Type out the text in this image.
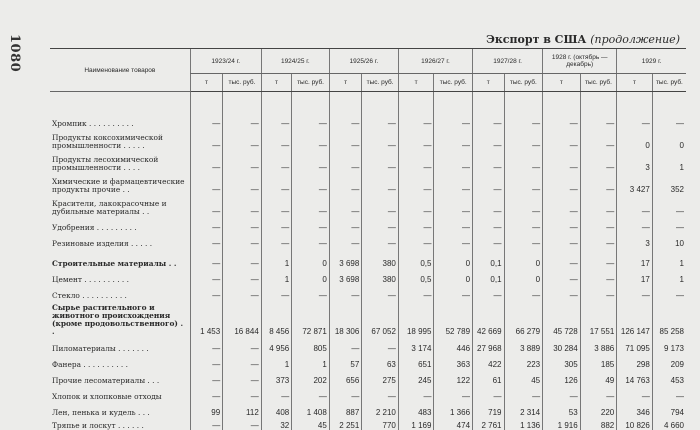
1080	Экспорт в США (продолжение)
Наименование товаров	1923/24 г.		1924/25 г.		1925/26 г.		1926/27 г.		1927/28 г.		1928 г. (октябрь — декабрь)		1929 г.	
	т	тыс. руб.	т	тыс. руб.	т	тыс. руб.	т	тыс. руб.	т	тыс. руб.	т	тыс. руб.	т	тыс. руб.

Хромпик . . . . . . . . . .	—	—	—	—	—	—	—	—	—	—	—	—	—	—
Продукты коксохимической промышленности . . . . .	—	—	—	—	—	—	—	—	—	—	—	—	0	0
Продукты лесохимической промышленности . . . .	—	—	—	—	—	—	—	—	—	—	—	—	3	1
Химические и фармацевтические продукты прочие . .	—	—	—	—	—	—	—	—	—	—	—	—	3 427	352
Красители, лакокрасочные и дубильные материалы . .	—	—	—	—	—	—	—	—	—	—	—	—	—	—
Удобрения . . . . . . . . .	—	—	—	—	—	—	—	—	—	—	—	—	—	—
Резиновые изделия . . . . .	—	—	—	—	—	—	—	—	—	—	—	—	3	10
Строительные материалы . .	—	—	1	0	3 698	380	0,5	0	0,1	0	—	—	17	1
Цемент . . . . . . . . . .	—	—	1	0	3 698	380	0,5	0	0,1	0	—	—	17	1
Стекло . . . . . . . . . .	—	—	—	—	—	—	—	—	—	—	—	—	—	—
Сырье растительного и животного происхождения (кроме продовольственного) . .	1 453	16 844	8 456	72 871	18 306	67 052	18 995	52 789	42 669	66 279	45 728	17 551	126 147	85 258
Пиломатериалы . . . . . . .	—	—	4 956	805	—	—	3 174	446	27 968	3 889	30 284	3 886	71 095	9 173
Фанера . . . . . . . . . .	—	—	1	1	57	63	651	363	422	223	305	185	298	209
Прочие лесоматериалы . . .	—	—	373	202	656	275	245	122	61	45	126	49	14 763	453
Хлопок и хлопковые отходы	—	—	—	—	—	—	—	—	—	—	—	—	—	—
Лен, пенька и кудель . . .	99	112	408	1 408	887	2 210	483	1 366	719	2 314	53	220	346	794
Тряпье и лоскут . . . . . .	—	—	32	45	2 251	770	1 169	474	2 761	1 136	1 916	882	10 826	4 660
